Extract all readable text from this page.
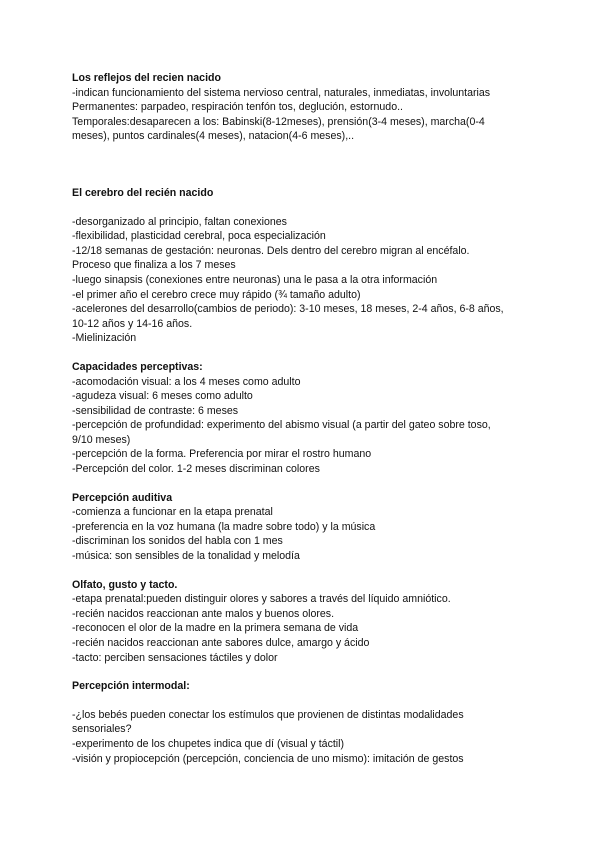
Los reflejos del recien nacido
-indican funcionamiento del sistema nervioso central, naturales, inmediatas, involuntarias
Permanentes: parpadeo, respiración tenfón tos, deglución, estornudo..
Temporales:desaparecen a los: Babinski(8-12meses), prensión(3-4 meses), marcha(0-4
meses), puntos cardinales(4 meses), natacion(4-6 meses),..
El cerebro del recién nacido
-desorganizado al principio, faltan conexiones
-flexibilidad, plasticidad cerebral, poca especialización
-12/18 semanas de gestación: neuronas. Dels dentro del cerebro migran al encéfalo.
Proceso que finaliza a los 7 meses
-luego sinapsis (conexiones entre neuronas) una le pasa a la otra información
-el primer año el cerebro crece muy rápido (¾ tamaño adulto)
-acelerones del desarrollo(cambios de periodo): 3-10 meses, 18 meses, 2-4 años, 6-8 años,
10-12 años y 14-16 años.
-Mielinización
Capacidades perceptivas:
-acomodación visual: a los 4 meses como adulto
-agudeza visual: 6 meses como adulto
-sensibilidad de contraste: 6 meses
-percepción de profundidad: experimento del abismo visual (a partir del gateo sobre toso,
9/10 meses)
-percepción de la forma. Preferencia por mirar el rostro humano
-Percepción del color. 1-2 meses discriminan colores
Percepción auditiva
-comienza a funcionar en la etapa prenatal
-preferencia en la voz humana (la madre sobre todo) y la música
-discriminan los sonidos del habla con 1 mes
-música: son sensibles de la tonalidad y melodía
Olfato, gusto y tacto.
-etapa prenatal:pueden distinguir olores y sabores a través del líquido amniótico.
-recién nacidos reaccionan ante malos y buenos olores.
-reconocen el olor de la madre en la primera semana de vida
-recién nacidos reaccionan ante sabores dulce, amargo y ácido
-tacto: perciben sensaciones táctiles y dolor
Percepción intermodal:
-¿los bebés pueden conectar los estímulos que provienen de distintas modalidades
sensoriales?
-experimento de los chupetes indica que dí (visual y táctil)
-visión y propiocepción (percepción, conciencia de uno mismo): imitación de gestos
